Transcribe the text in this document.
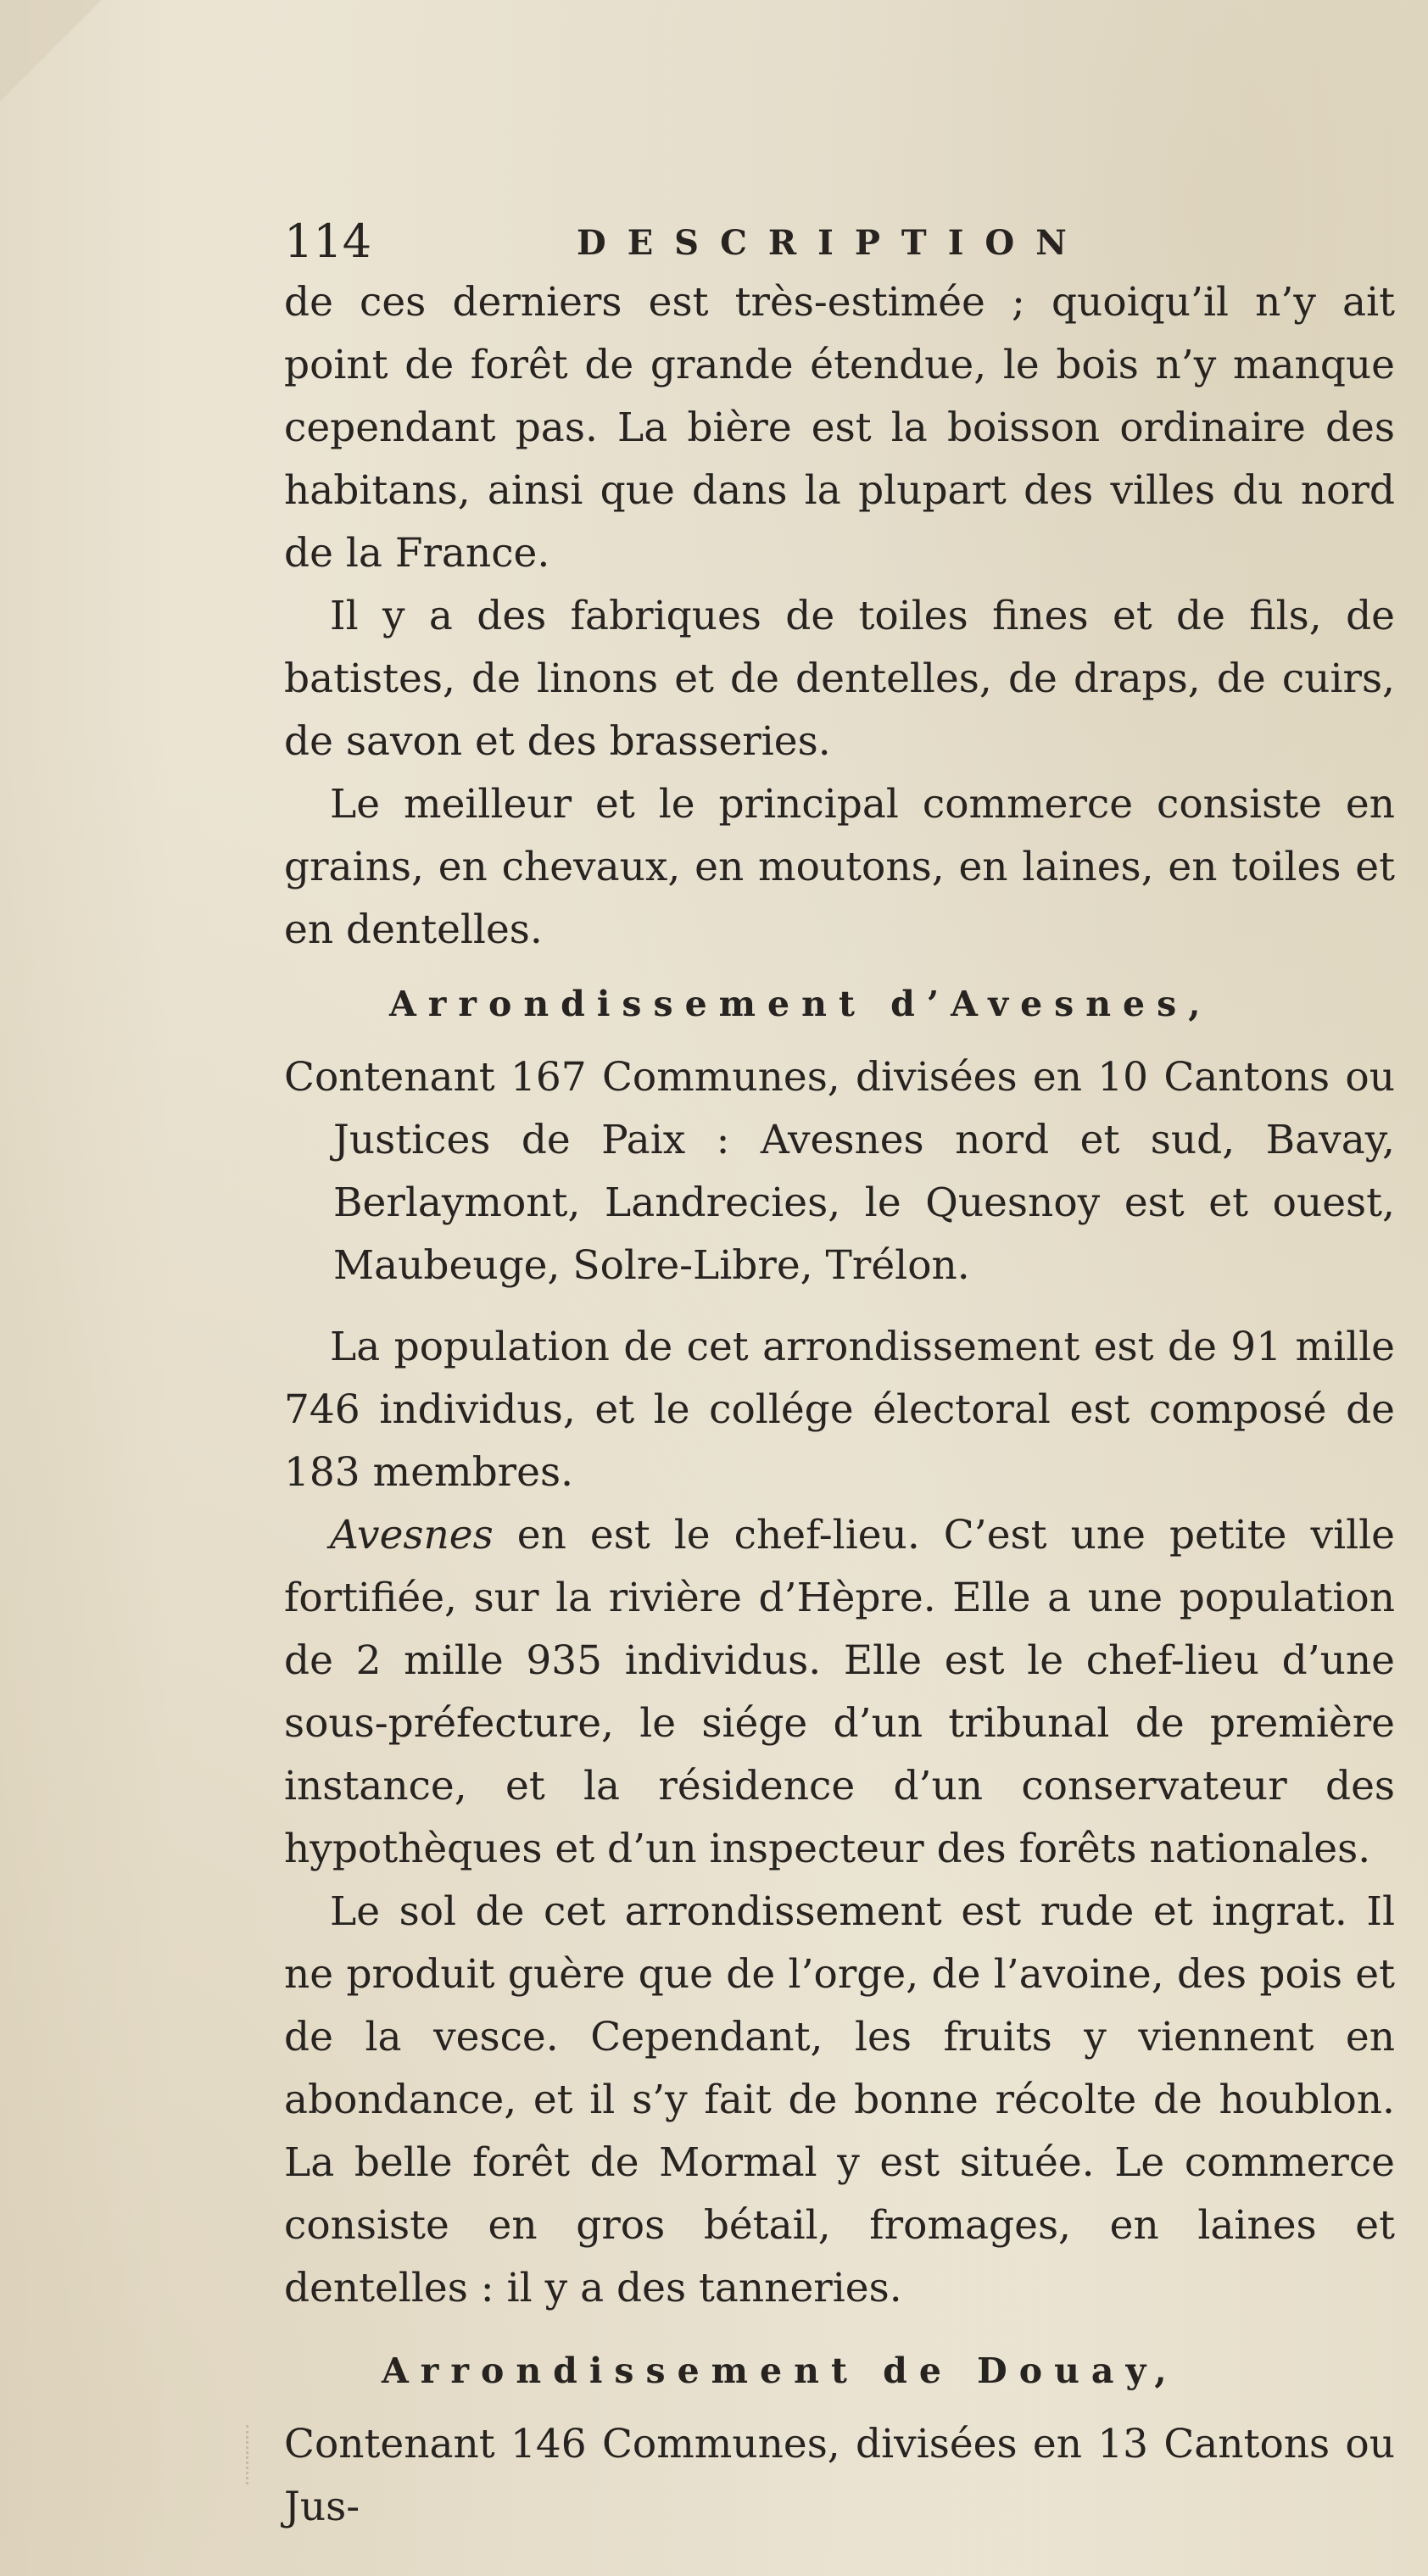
114	DESCRIPTION

de ces derniers est très-estimée ; quoiqu’il n’y ait point de forêt de grande étendue, le bois n’y manque cependant pas. La bière est la boisson ordinaire des habitans, ainsi que dans la plupart des villes du nord de la France.

Il y a des fabriques de toiles fines et de fils, de batistes, de linons et de dentelles, de draps, de cuirs, de savon et des brasseries.

Le meilleur et le principal commerce consiste en grains, en chevaux, en moutons, en laines, en toiles et en dentelles.

Arrondissement d’Avesnes,

Contenant 167 Communes, divisées en 10 Cantons ou Justices de Paix : Avesnes nord et sud, Bavay, Berlaymont, Landrecies, le Quesnoy est et ouest, Maubeuge, Solre-Libre, Trélon.

La population de cet arrondissement est de 91 mille 746 individus, et le collége électoral est composé de 183 membres.

Avesnes en est le chef-lieu. C’est une petite ville fortifiée, sur la rivière d’Hèpre. Elle a une population de 2 mille 935 individus. Elle est le chef-lieu d’une sous-préfecture, le siége d’un tribunal de première instance, et la résidence d’un conservateur des hypothèques et d’un inspecteur des forêts nationales.

Le sol de cet arrondissement est rude et ingrat. Il ne produit guère que de l’orge, de l’avoine, des pois et de la vesce. Cependant, les fruits y viennent en abondance, et il s’y fait de bonne récolte de houblon. La belle forêt de Mormal y est située. Le commerce consiste en gros bétail, fromages, en laines et dentelles : il y a des tanneries.

Arrondissement de Douay,

Contenant 146 Communes, divisées en 13 Cantons ou Jus-
